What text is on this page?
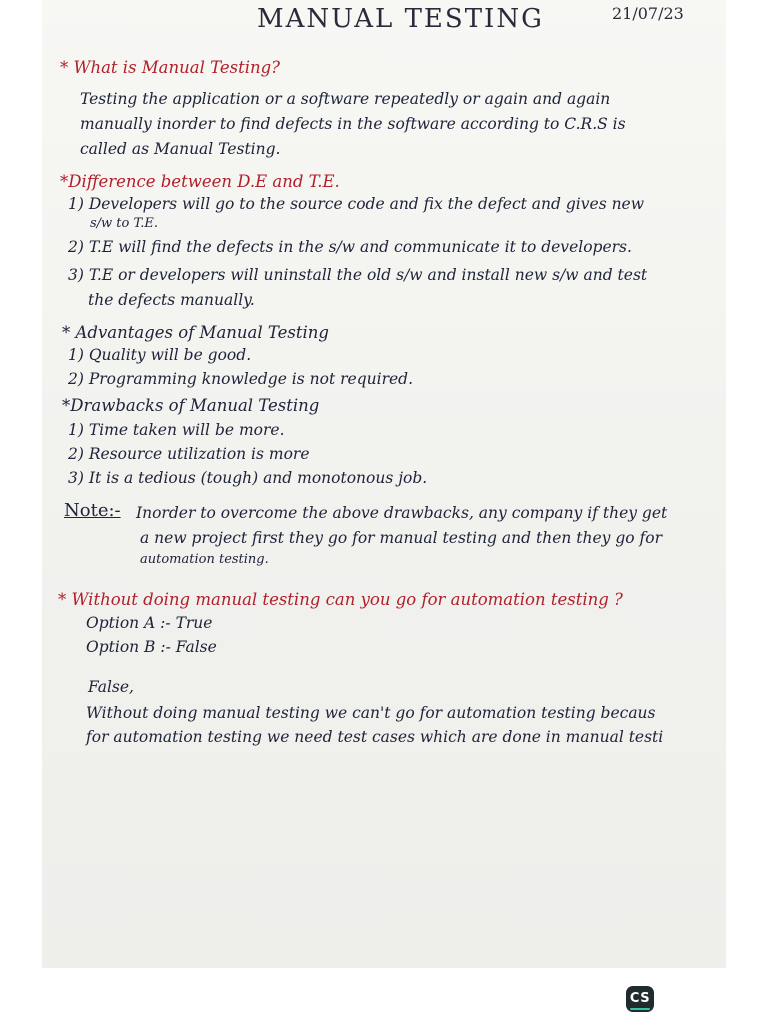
MANUAL TESTING	21/07/23
* What is Manual Testing?
Testing the application or a software repeatedly or again and again
manually inorder to find defects in the software according to C.R.S is
called as Manual Testing.
*Difference between D.E and T.E.
1) Developers will go to the source code and fix the defect and gives new
s/w to T.E.
2) T.E will find the defects in the s/w and communicate it to developers.
3) T.E or developers will uninstall the old s/w and install new s/w and test
the defects manually.
* Advantages of Manual Testing
1) Quality will be good.
2) Programming knowledge is not required.
*Drawbacks of Manual Testing
1) Time taken will be more.
2) Resource utilization is more
3) It is a tedious (tough) and monotonous job.
Note:- Inorder to overcome the above drawbacks, any company if they get
a new project first they go for manual testing and then they go for
automation testing.
* Without doing manual testing can you go for automation testing ?
Option A :- True
Option B :- False
False,
Without doing manual testing we can't go for automation testing becaus
for automation testing we need test cases which are done in manual testi
CS
